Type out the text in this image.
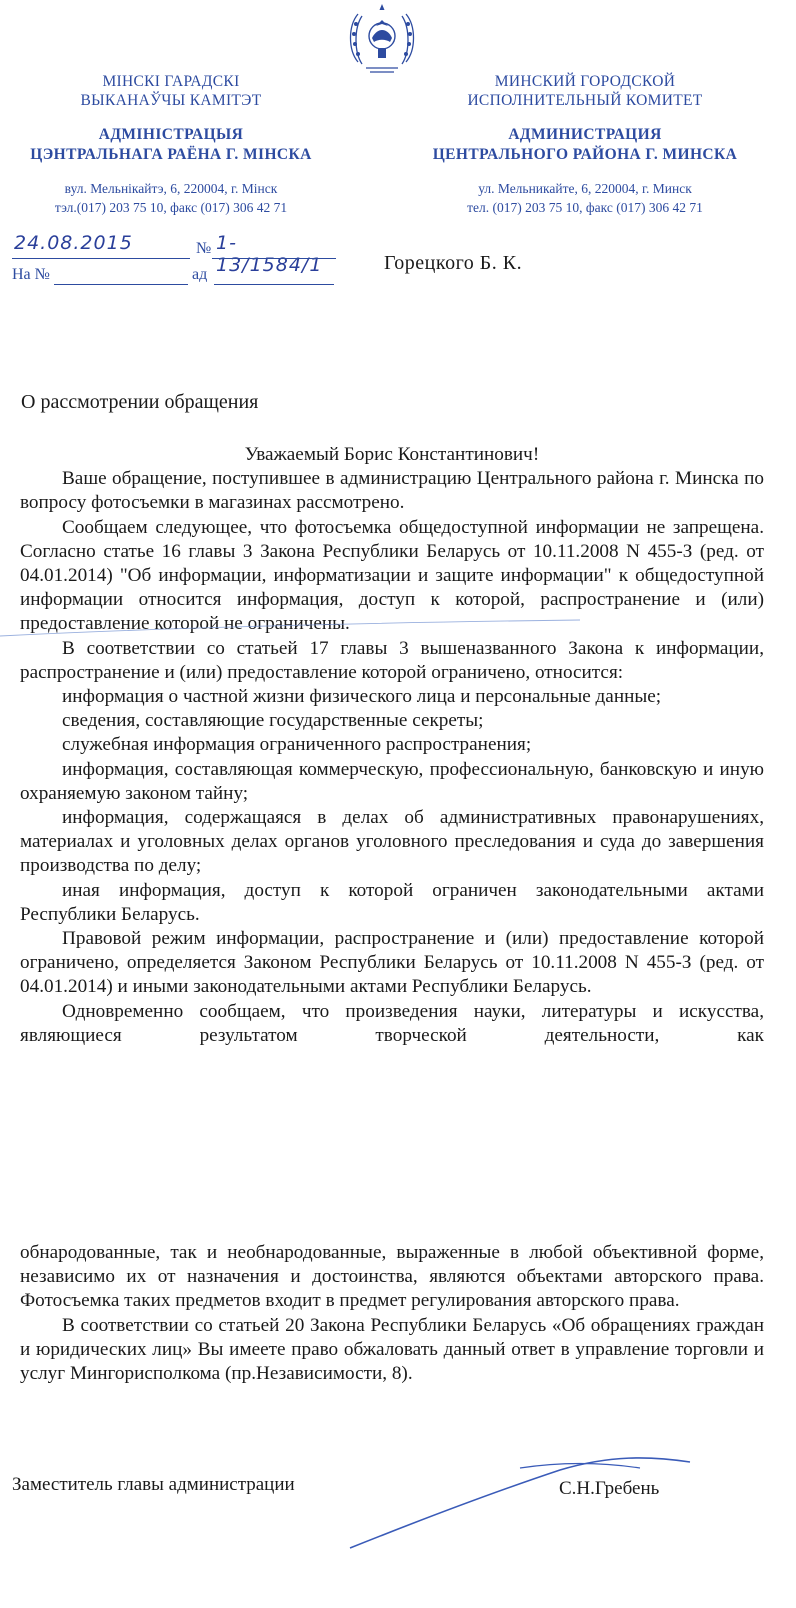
МІНСКІ ГАРАДСКІ
ВЫКАНАЎЧЫ КАМІТЭТ
АДМІНІСТРАЦЫЯ
ЦЭНТРАЛЬНАГА РАЁНА Г. МІНСКА
вул. Мельнікайтэ, 6, 220004, г. Мінск
тэл.(017) 203 75 10, факс (017) 306 42 71
МИНСКИЙ ГОРОДСКОЙ
ИСПОЛНИТЕЛЬНЫЙ КОМИТЕТ
АДМИНИСТРАЦИЯ
ЦЕНТРАЛЬНОГО РАЙОНА Г. МИНСКА
ул. Мельникайте, 6, 220004, г. Минск
тел. (017) 203 75 10, факс (017) 306 42 71
24.08.2015	№ 1-13/1584/1
На №	ад
Горецкого Б. К.
О рассмотрении обращения

Уважаемый Борис Константинович!

Ваше обращение, поступившее в администрацию Центрального района г. Минска по вопросу фотосъемки в магазинах рассмотрено.

Сообщаем следующее, что фотосъемка общедоступной информации не запрещена. Согласно статье 16 главы 3 Закона Республики Беларусь от 10.11.2008 N 455-З (ред. от 04.01.2014) "Об информации, информатизации и защите информации" к общедоступной информации относится информация, доступ к которой, распространение и (или) предоставление которой не ограничены.

В соответствии со статьей 17 главы 3 вышеназванного Закона к информации, распространение и (или) предоставление которой ограничено, относится:

информация о частной жизни физического лица и персональные данные;

сведения, составляющие государственные секреты;

служебная информация ограниченного распространения;

информация, составляющая коммерческую, профессиональную, банковскую и иную охраняемую законом тайну;

информация, содержащаяся в делах об административных правонарушениях, материалах и уголовных делах органов уголовного преследования и суда до завершения производства по делу;

иная информация, доступ к которой ограничен законодательными актами Республики Беларусь.

Правовой режим информации, распространение и (или) предоставление которой ограничено, определяется Законом Республики Беларусь от 10.11.2008 N 455-З (ред. от 04.01.2014) и иными законодательными актами Республики Беларусь.

Одновременно сообщаем, что произведения науки, литературы и искусства, являющиеся результатом творческой деятельности, как

обнародованные, так и необнародованные, выраженные в любой объективной форме, независимо их от назначения и достоинства, являются объектами авторского права. Фотосъемка таких предметов входит в предмет регулирования авторского права.

В соответствии со статьей 20 Закона Республики Беларусь «Об обращениях граждан и юридических лиц» Вы имеете право обжаловать данный ответ в управление торговли и услуг Мингорисполкома (пр.Независимости, 8).

Заместитель главы администрации	С.Н.Гребень
